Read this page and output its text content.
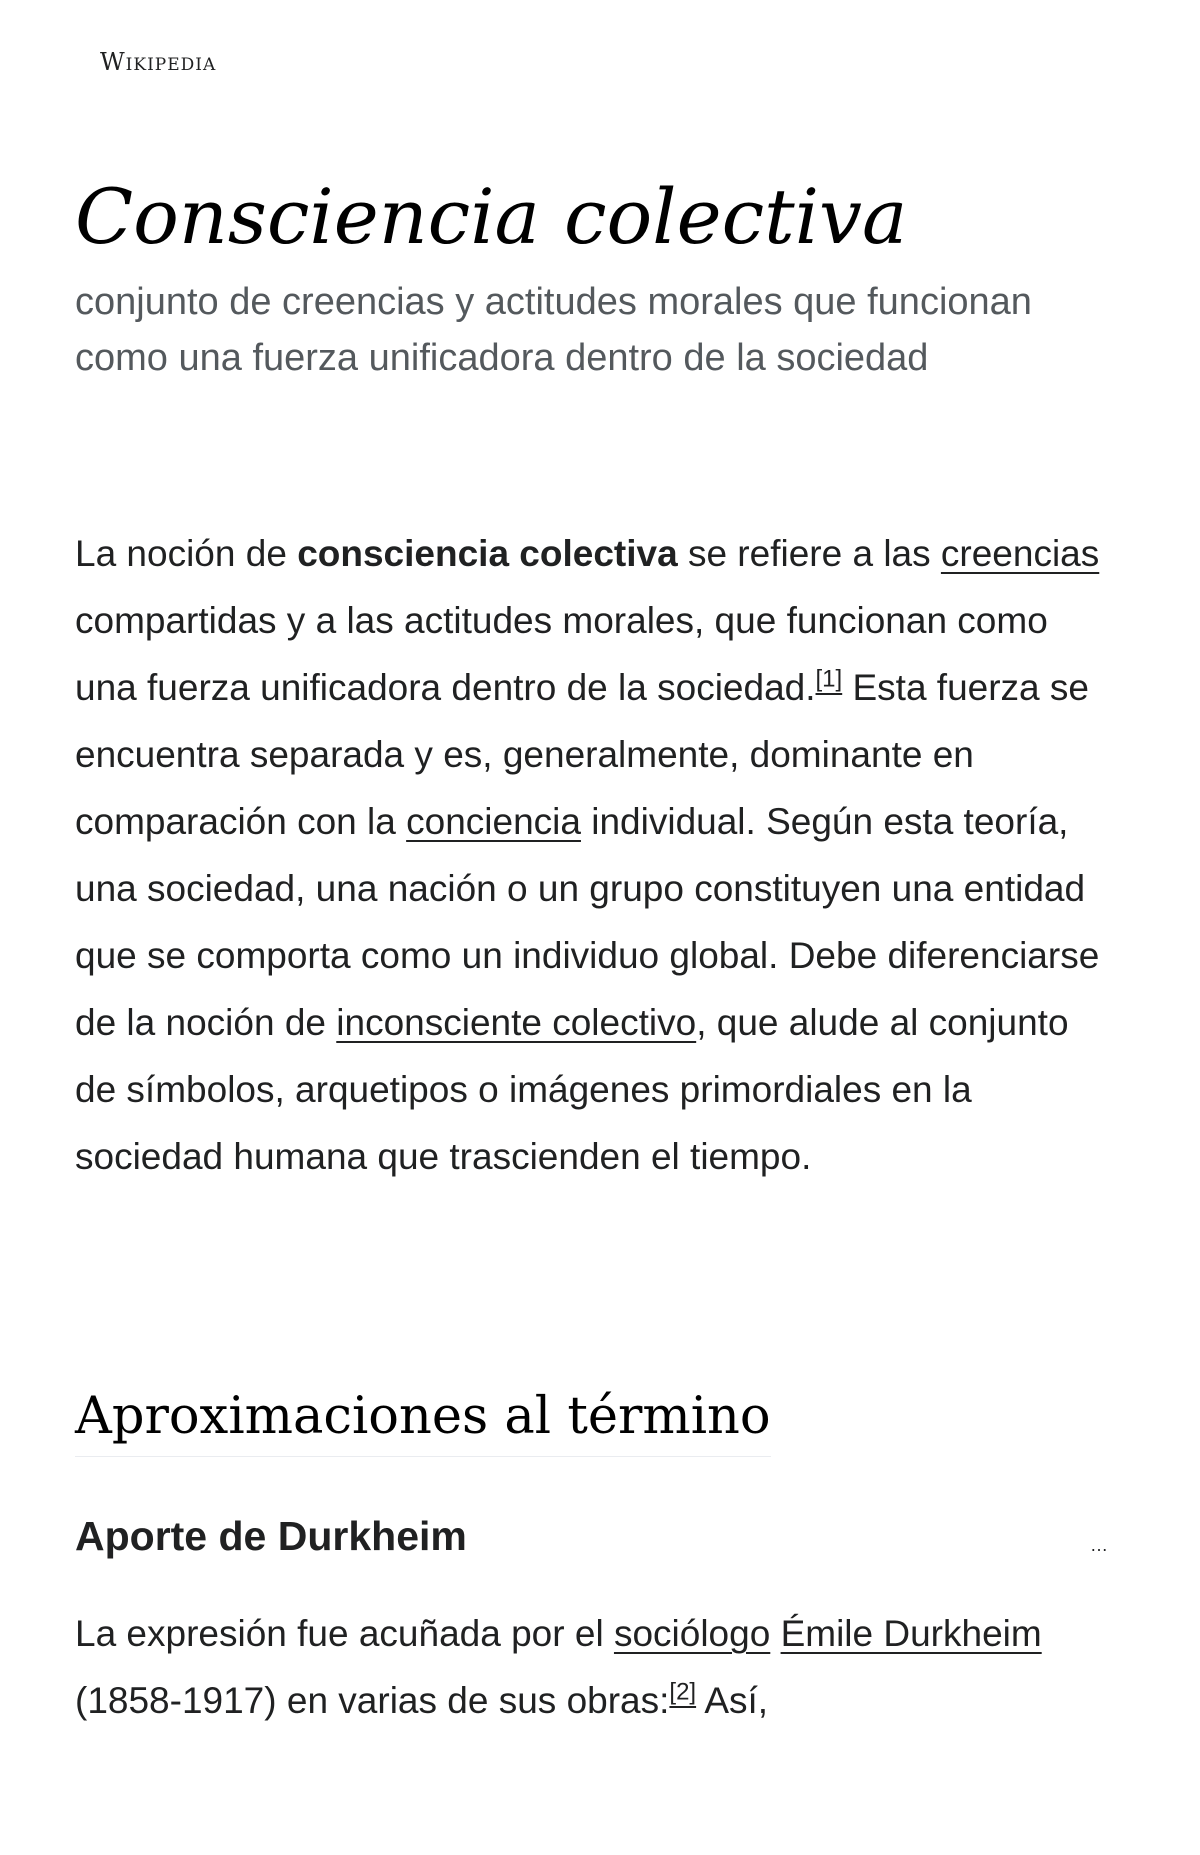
Wikipedia
Consciencia colectiva

conjunto de creencias y actitudes morales que funcionan como una fuerza unificadora dentro de la sociedad

La noción de consciencia colectiva se refiere a las creencias compartidas y a las actitudes morales, que funcionan como una fuerza unificadora dentro de la sociedad.[1] Esta fuerza se encuentra separada y es, generalmente, dominante en comparación con la conciencia individual. Según esta teoría, una sociedad, una nación o un grupo constituyen una entidad que se comporta como un individuo global. Debe diferenciarse de la noción de inconsciente colectivo, que alude al conjunto de símbolos, arquetipos o imágenes primordiales en la sociedad humana que trascienden el tiempo.

Aproximaciones al término
Aporte de Durkheim	…

La expresión fue acuñada por el sociólogo Émile Durkheim (1858-1917) en varias de sus obras:[2] Así,
